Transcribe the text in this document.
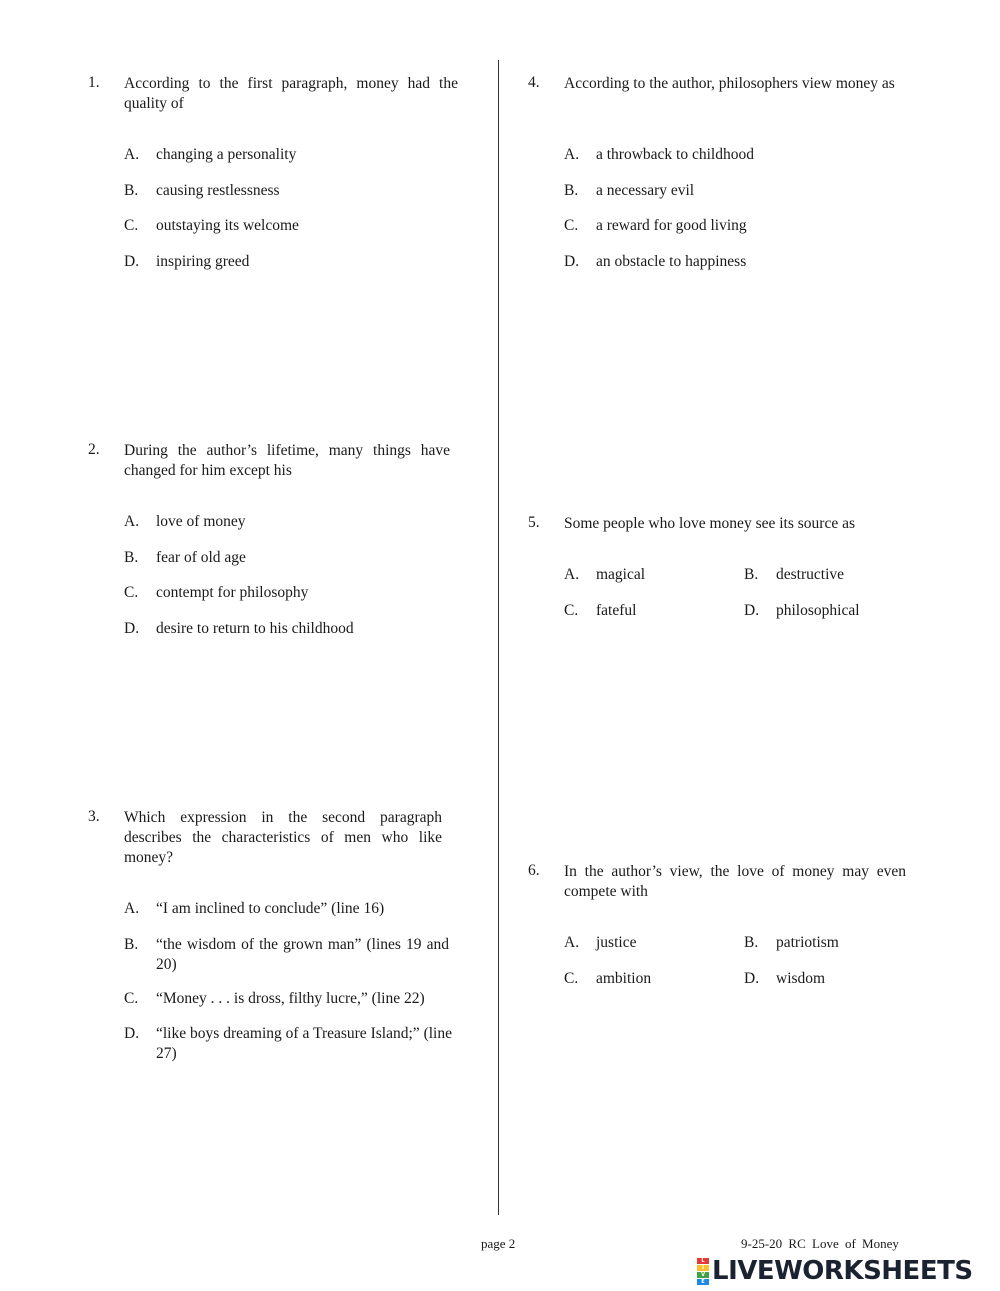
1. According to the first paragraph, money had the quality of
A. changing a personality
B. causing restlessness
C. outstaying its welcome
D. inspiring greed
2. During the author’s lifetime, many things have changed for him except his
A. love of money
B. fear of old age
C. contempt for philosophy
D. desire to return to his childhood
3. Which expression in the second paragraph describes the characteristics of men who like money?
A. “I am inclined to conclude” (line 16)
B. “the wisdom of the grown man” (lines 19 and 20)
C. “Money . . . is dross, filthy lucre,” (line 22)
D. “like boys dreaming of a Treasure Island;” (line 27)
4. According to the author, philosophers view money as
A. a throwback to childhood
B. a necessary evil
C. a reward for good living
D. an obstacle to happiness
5. Some people who love money see its source as
A. magical	B. destructive
C. fateful	D. philosophical
6. In the author’s view, the love of money may even compete with
A. justice	B. patriotism
C. ambition	D. wisdom
page 2	9-25-20 RC Love of Money
L
I
V
E LIVEWORKSHEETS
